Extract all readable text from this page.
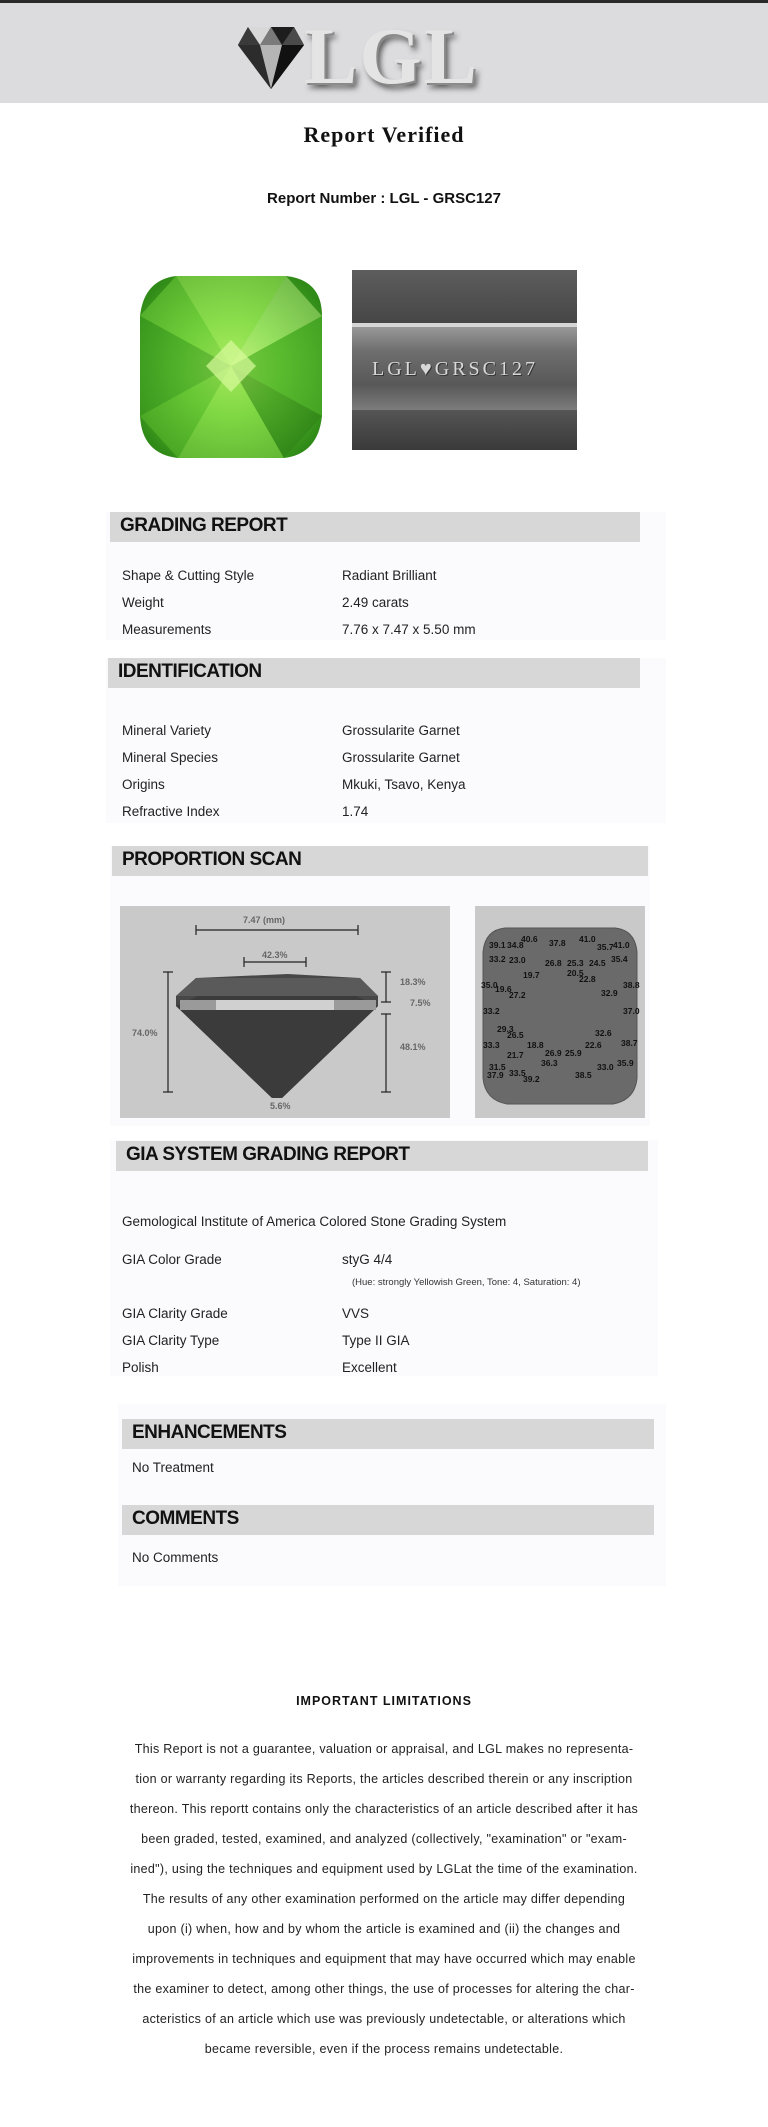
LGL
Report Verified
Report Number : LGL - GRSC127
LGL♥GRSC127
GRADING REPORT
Shape & Cutting Style	Radiant Brilliant
Weight	2.49 carats
Measurements	7.76 x 7.47 x 5.50 mm
IDENTIFICATION
Mineral Variety	Grossularite Garnet
Mineral Species	Grossularite Garnet
Origins	Mkuki, Tsavo, Kenya
Refractive Index	1.74
PROPORTION SCAN
7.47 (mm)
42.3%
74.0%
18.3%
7.5%
48.1%
5.6%
39.1
40.6 37.8 41.0
35.7 41.0
34.8
33.2 23.0 26.8 25.3 24.5 35.4
19.7	20.5
22.8
35.0
19.6	38.8
27.2	32.9
33.2	37.0
29.3
26.5	32.6
33.3	18.8	22.6 38.7
21.7	26.9 25.9
31.5	36.3	33.0 35.9
37.9 33.5
39.2	38.5
GIA SYSTEM GRADING REPORT
Gemological Institute of America Colored Stone Grading System
GIA Color Grade	styG 4/4
(Hue: strongly Yellowish Green, Tone: 4, Saturation: 4)
GIA Clarity Grade	VVS
GIA Clarity Type	Type II GIA
Polish	Excellent
ENHANCEMENTS
No Treatment
COMMENTS
No Comments
IMPORTANT LIMITATIONS
This Report is not a guarantee, valuation or appraisal, and LGL makes no representa-
tion or warranty regarding its Reports, the articles described therein or any inscription
thereon. This reportt contains only the characteristics of an article described after it has
been graded, tested, examined, and analyzed (collectively, "examination" or "exam-
ined"), using the techniques and equipment used by LGLat the time of the examination.
The results of any other examination performed on the article may differ depending
upon (i) when, how and by whom the article is examined and (ii) the changes and
improvements in techniques and equipment that may have occurred which may enable
the examiner to detect, among other things, the use of processes for altering the char-
acteristics of an article which use was previously undetectable, or alterations which
became reversible, even if the process remains undetectable.
